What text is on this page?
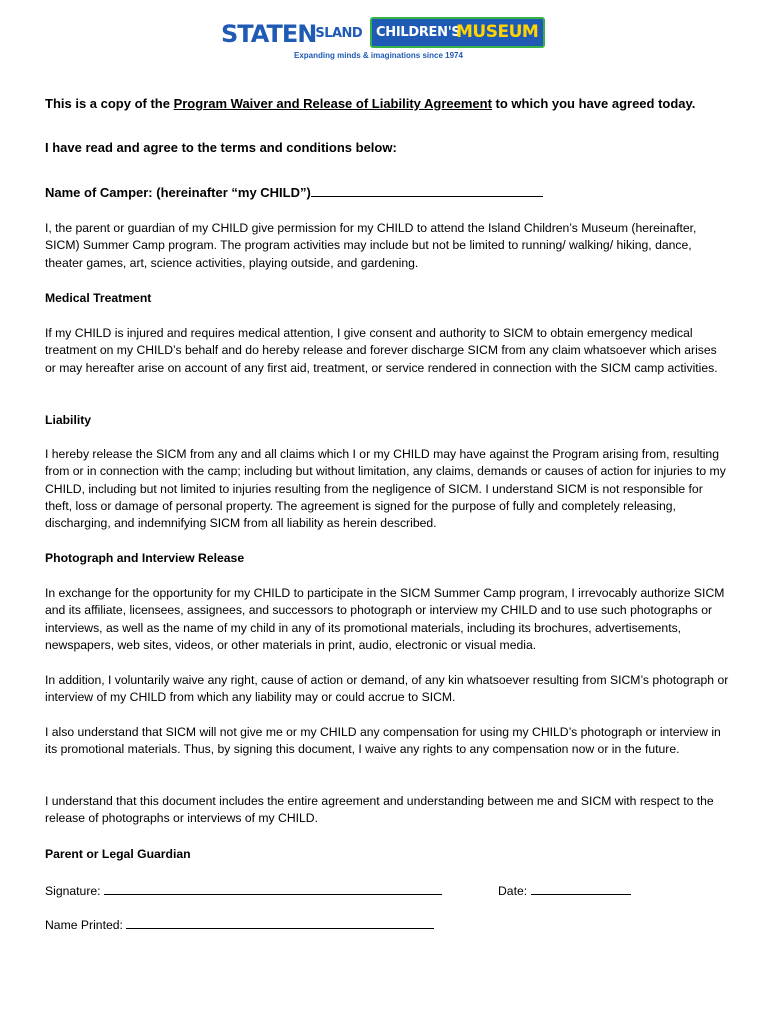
STATEN
ISLAND CHILDREN'S
MUSEUM
Expanding minds & imaginations since 1974

This is a copy of the Program Waiver and Release of Liability Agreement to which you have agreed today.

I have read and agree to the terms and conditions below:

Name of Camper: (hereinafter “my CHILD”)

I, the parent or guardian of my CHILD give permission for my CHILD to attend the Island Children’s Museum (hereinafter, SICM) Summer Camp program. The program activities may include but not be limited to running/ walking/ hiking, dance, theater games, art, science activities, playing outside, and gardening.

Medical Treatment

If my CHILD is injured and requires medical attention, I give consent and authority to SICM to obtain emergency medical treatment on my CHILD’s behalf and do hereby release and forever discharge SICM from any claim whatsoever which arises or may hereafter arise on account of any first aid, treatment, or service rendered in connection with the SICM camp activities.

Liability

I hereby release the SICM from any and all claims which I or my CHILD may have against the Program arising from, resulting from or in connection with the camp; including but without limitation, any claims, demands or causes of action for injuries to my CHILD, including but not limited to injuries resulting from the negligence of SICM. I understand SICM is not responsible for theft, loss or damage of personal property. The agreement is signed for the purpose of fully and completely releasing, discharging, and indemnifying SICM from all liability as herein described.

Photograph and Interview Release

In exchange for the opportunity for my CHILD to participate in the SICM Summer Camp program, I irrevocably authorize SICM and its affiliate, licensees, assignees, and successors to photograph or interview my CHILD and to use such photographs or interviews, as well as the name of my child in any of its promotional materials, including its brochures, advertisements, newspapers, web sites, videos, or other materials in print, audio, electronic or visual media.

In addition, I voluntarily waive any right, cause of action or demand, of any kin whatsoever resulting from SICM’s photograph or interview of my CHILD from which any liability may or could accrue to SICM.

I also understand that SICM will not give me or my CHILD any compensation for using my CHILD’s photograph or interview in its promotional materials. Thus, by signing this document, I waive any rights to any compensation now or in the future.

I understand that this document includes the entire agreement and understanding between me and SICM with respect to the release of photographs or interviews of my CHILD.

Parent or Legal Guardian

Signature:	Date:

Name Printed:
